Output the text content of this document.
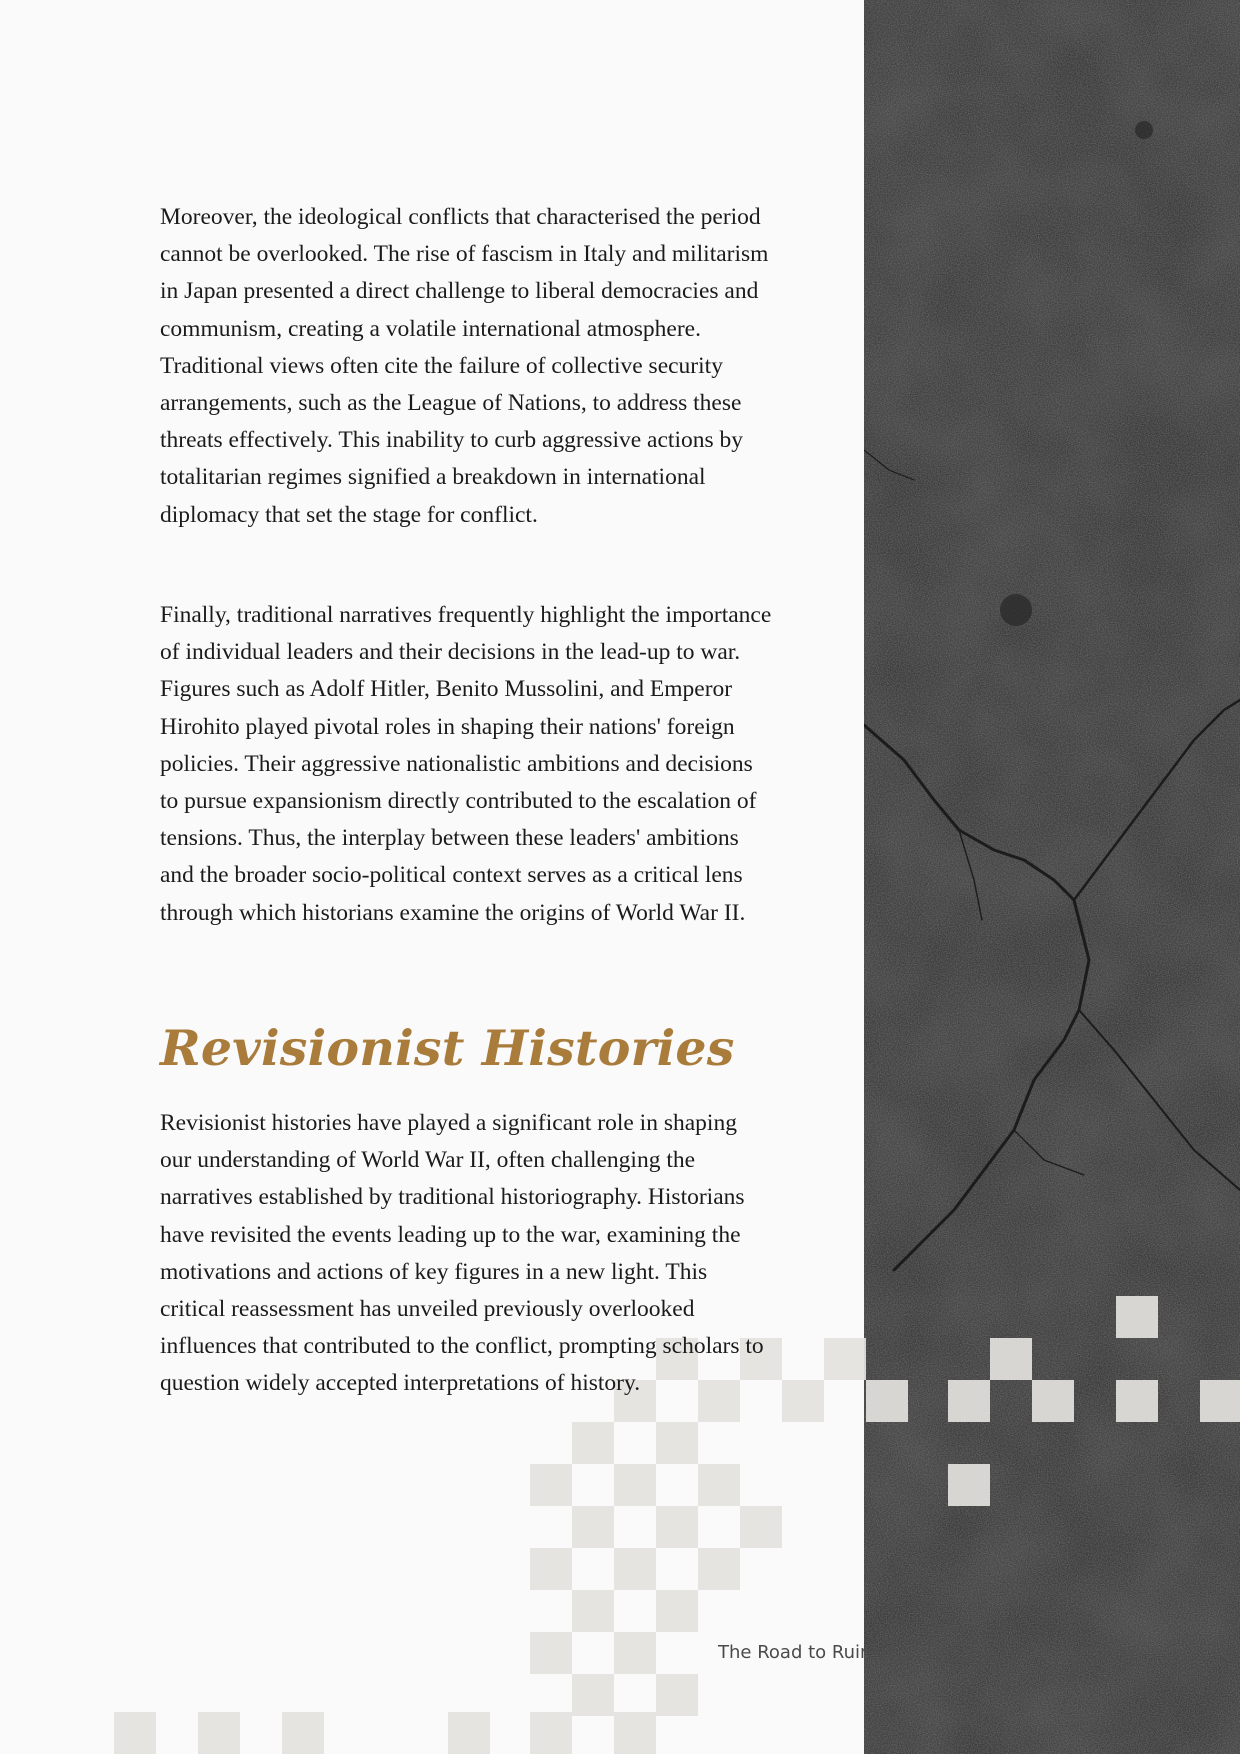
Moreover, the ideological conflicts that characterised the period cannot be overlooked. The rise of fascism in Italy and militarism in Japan presented a direct challenge to liberal democracies and communism, creating a volatile international atmosphere. Traditional views often cite the failure of collective security arrangements, such as the League of Nations, to address these threats effectively. This inability to curb aggressive actions by totalitarian regimes signified a breakdown in international diplomacy that set the stage for conflict.

Finally, traditional narratives frequently highlight the importance of individual leaders and their decisions in the lead-up to war. Figures such as Adolf Hitler, Benito Mussolini, and Emperor Hirohito played pivotal roles in shaping their nations' foreign policies. Their aggressive nationalistic ambitions and decisions to pursue expansionism directly contributed to the escalation of tensions. Thus, the interplay between these leaders' ambitions and the broader socio-political context serves as a critical lens through which historians examine the origins of World War II.

Revisionist Histories

Revisionist histories have played a significant role in shaping our understanding of World War II, often challenging the narratives established by traditional historiography. Historians have revisited the events leading up to the war, examining the motivations and actions of key figures in a new light. This critical reassessment has unveiled previously overlooked influences that contributed to the conflict, prompting scholars to question widely accepted interpretations of history.

The Road to Ruin
